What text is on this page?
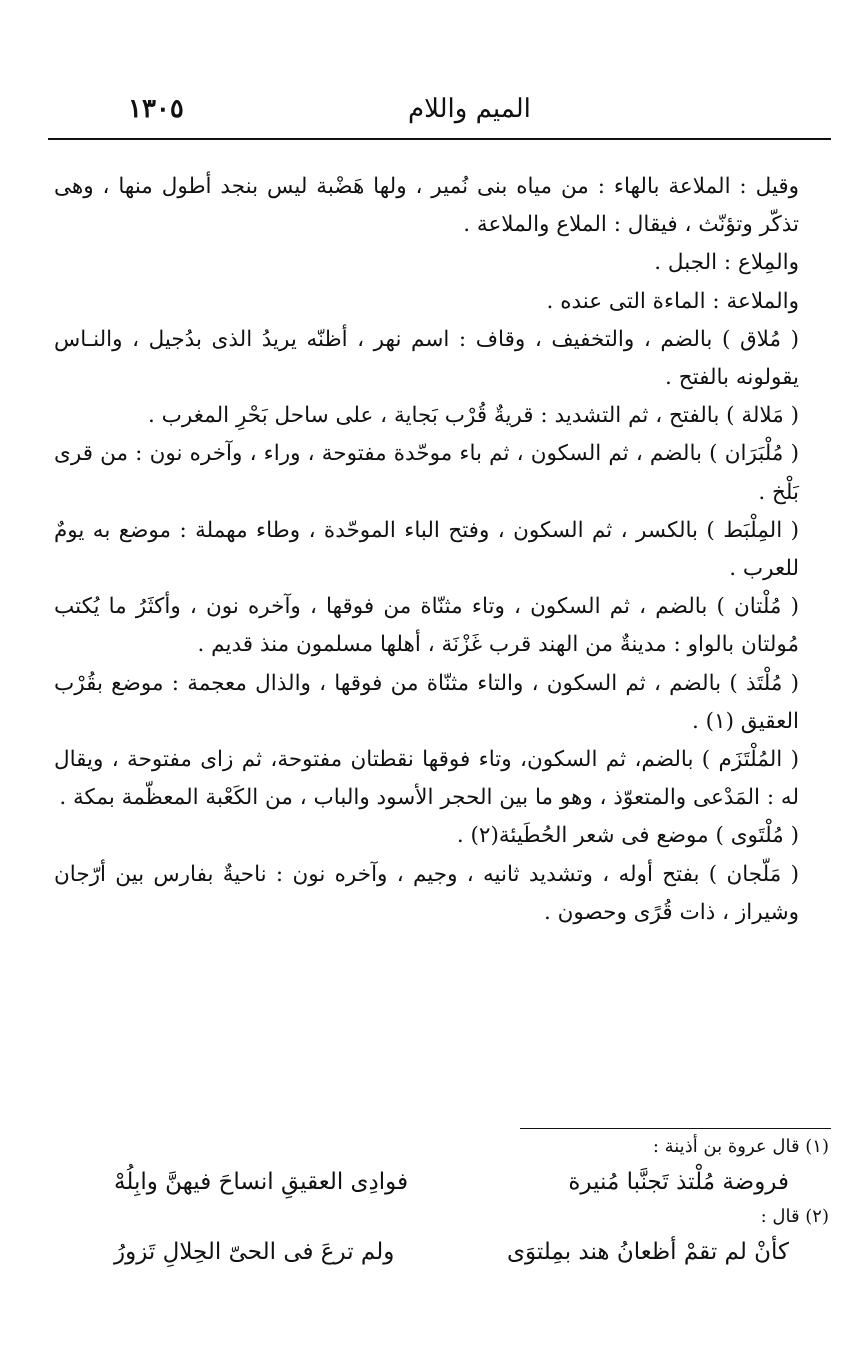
الميم واللام
١٣٠٥

وقيل : الملاعة بالهاء : من مياه بنى نُمير ، ولها هَضْبة ليس بنجد أطول منها ، وهى تذكّر وتؤنّث ، فيقال : الملاع والملاعة .

والمِلاع : الجبل .

والملاعة : الماءة التى عنده .

( مُلاق ) بالضم ، والتخفيف ، وقاف : اسم نهر ، أظنّه يريدُ الذى بدُجيل ، والنـاس يقولونه بالفتح .

( مَلالة ) بالفتح ، ثم التشديد : قريةٌ قُرْب بَجاية ، على ساحل بَحْرِ المغرب .

( مُلْبَرَان ) بالضم ، ثم السكون ، ثم باء موحّدة مفتوحة ، وراء ، وآخره نون : من قرى بَلْخ .

( المِلْبَط ) بالكسر ، ثم السكون ، وفتح الباء الموحّدة ، وطاء مهملة : موضع به يومٌ للعرب .

( مُلْتان ) بالضم ، ثم السكون ، وتاء مثنّاة من فوقها ، وآخره نون ، وأكثَرُ ما يُكتب مُولتان بالواو : مدينةٌ من الهند قرب غَزْنَة ، أهلها مسلمون منذ قديم .

( مُلْتَذ ) بالضم ، ثم السكون ، والتاء مثنّاة من فوقها ، والذال معجمة : موضع بقُرْب العقيق (١) .

( المُلْتَزَم ) بالضم، ثم السكون، وتاء فوقها نقطتان مفتوحة، ثم زاى مفتوحة ، ويقال له : المَدْعى والمتعوّذ ، وهو ما بين الحجر الأسود والباب ، من الكَعْبة المعظّمة بمكة .

( مُلْتَوى ) موضع فى شعر الحُطَيئة(٢) .

( مَلّجان ) بفتح أوله ، وتشديد ثانيه ، وجيم ، وآخره نون : ناحيةٌ بفارس بين أرّجان وشيراز ، ذات قُرًى وحصون .

(١) قال عروة بن أذينة :

فروضة مُلْتذ تَجنَّبا مُنيرة
فوادِى العقيقِ انساحَ فيهنَّ وابِلُهْ

(٢) قال :

كأنْ لم تقمْ أظعانُ هند بمِلتوَى
ولم ترعَ فى الحىّ الحِلالِ تَزورُ
